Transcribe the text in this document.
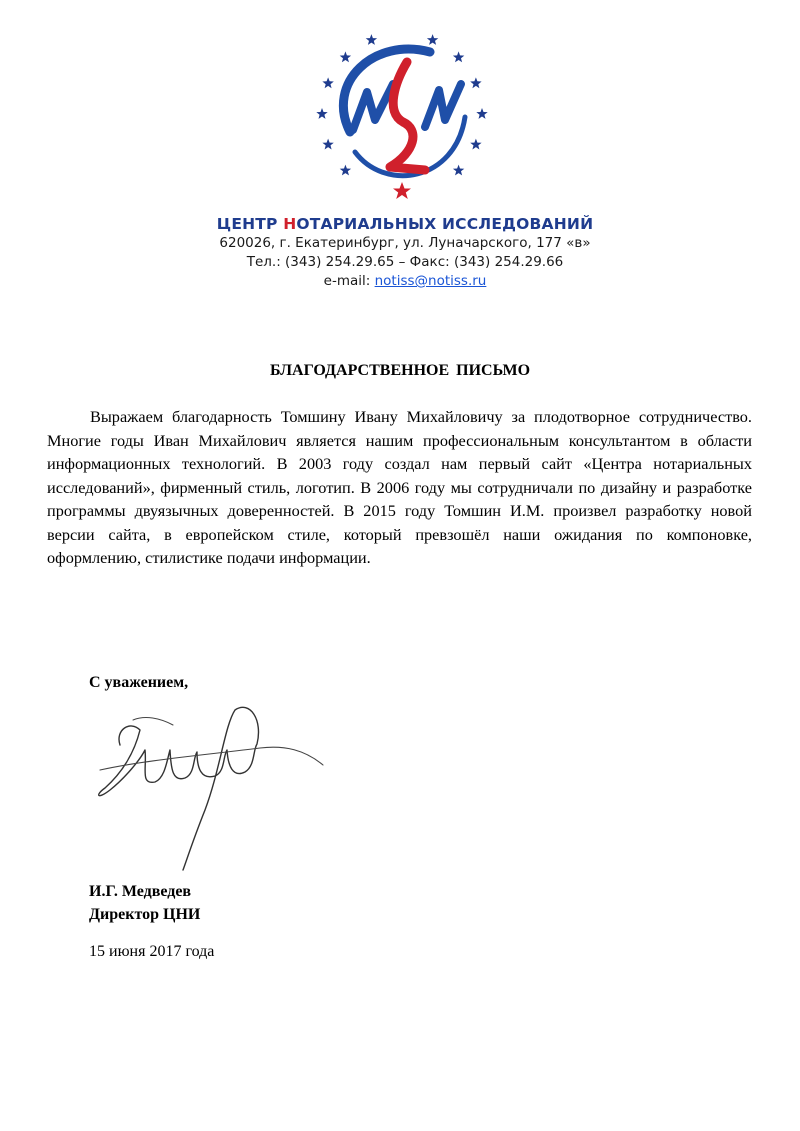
ЦЕНТР НОТАРИАЛЬНЫХ ИССЛЕДОВАНИЙ
620026, г. Екатеринбург, ул. Луначарского, 177 «в»
Тел.: (343) 254.29.65 – Факс: (343) 254.29.66
e-mail: notiss@notiss.ru
БЛАГОДАРСТВЕННОЕ ПИСЬМО
Выражаем благодарность Томшину Ивану Михайловичу за плодотворное сотрудничество. Многие годы Иван Михайлович является нашим профессиональным консультантом в области информационных технологий. В 2003 году создал нам первый сайт «Центра нотариальных исследований», фирменный стиль, логотип. В 2006 году мы сотрудничали по дизайну и разработке программы двуязычных доверенностей. В 2015 году Томшин И.М. произвел разработку новой версии сайта, в европейском стиле, который превзошёл наши ожидания по компоновке, оформлению, стилистике подачи информации.
С уважением,
И.Г. Медведев
Директор ЦНИ
15 июня 2017 года
